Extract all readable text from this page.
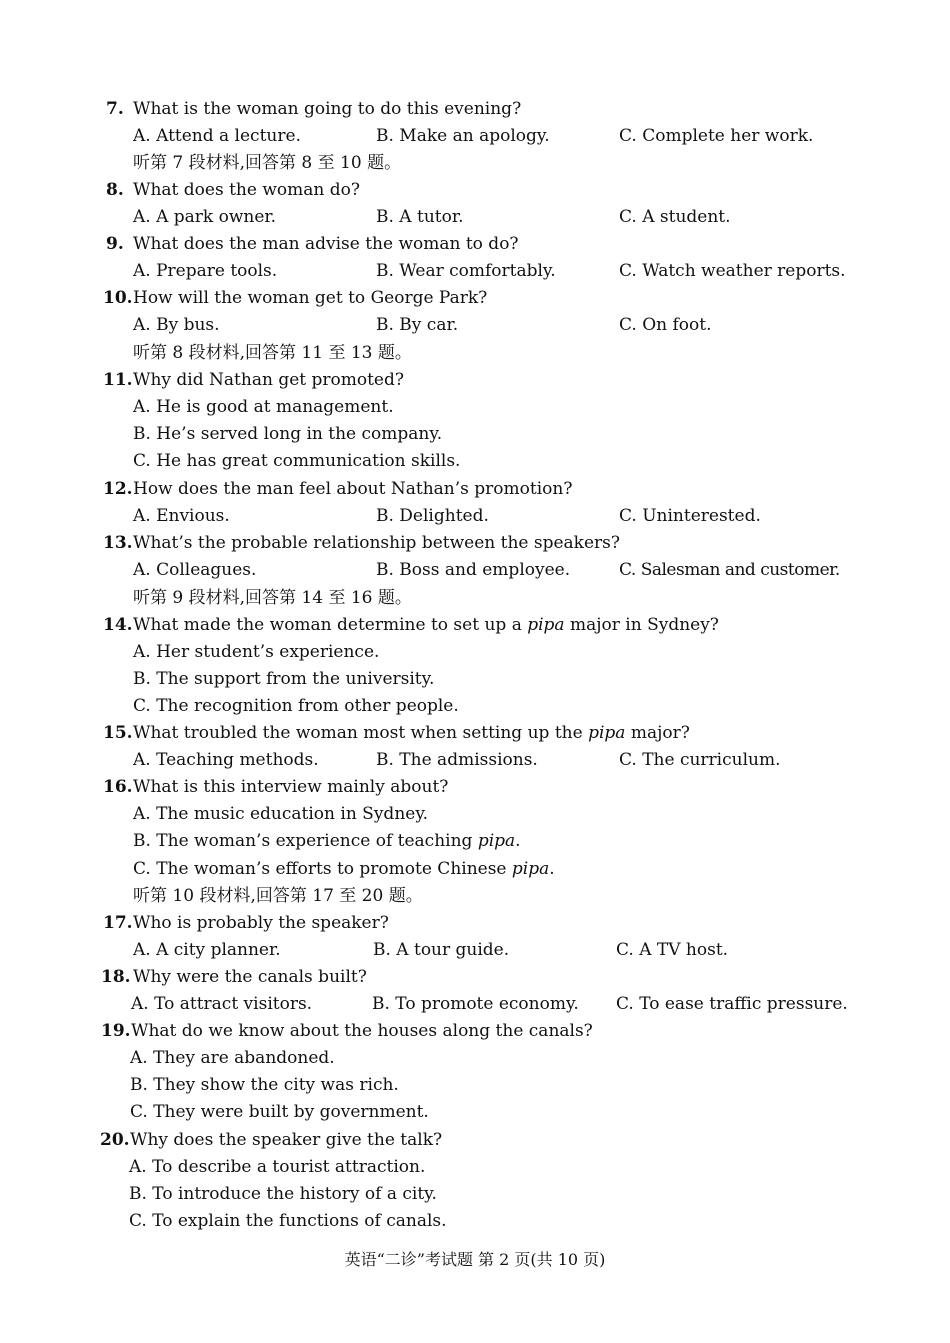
7. What is the woman going to do this evening?
A. Attend a lecture.	B. Make an apology.	C. Complete her work.
听第 7 段材料,回答第 8 至 10 题。
8. What does the woman do?
A. A park owner.	B. A tutor.	C. A student.
9. What does the man advise the woman to do?
A. Prepare tools.	B. Wear comfortably.	C. Watch weather reports.
10. How will the woman get to George Park?
A. By bus.	B. By car.	C. On foot.
听第 8 段材料,回答第 11 至 13 题。
11. Why did Nathan get promoted?
A. He is good at management.
B. He’s served long in the company.
C. He has great communication skills.
12. How does the man feel about Nathan’s promotion?
A. Envious.	B. Delighted.	C. Uninterested.
13. What’s the probable relationship between the speakers?
A. Colleagues.	B. Boss and employee.	C. Salesman and customer.
听第 9 段材料,回答第 14 至 16 题。
14. What made the woman determine to set up a pipa major in Sydney?
A. Her student’s experience.
B. The support from the university.
C. The recognition from other people.
15. What troubled the woman most when setting up the pipa major?
A. Teaching methods.	B. The admissions.	C. The curriculum.
16. What is this interview mainly about?
A. The music education in Sydney.
B. The woman’s experience of teaching pipa.
C. The woman’s efforts to promote Chinese pipa.
听第 10 段材料,回答第 17 至 20 题。
17. Who is probably the speaker?
A. A city planner.	B. A tour guide.	C. A TV host.
18. Why were the canals built?
A. To attract visitors.	B. To promote economy. C. To ease traffic pressure.
19. What do we know about the houses along the canals?
A. They are abandoned.
B. They show the city was rich.
C. They were built by government.
20. Why does the speaker give the talk?
A. To describe a tourist attraction.
B. To introduce the history of a city.
C. To explain the functions of canals.
英语“二诊”考试题 第 2 页(共 10 页)
